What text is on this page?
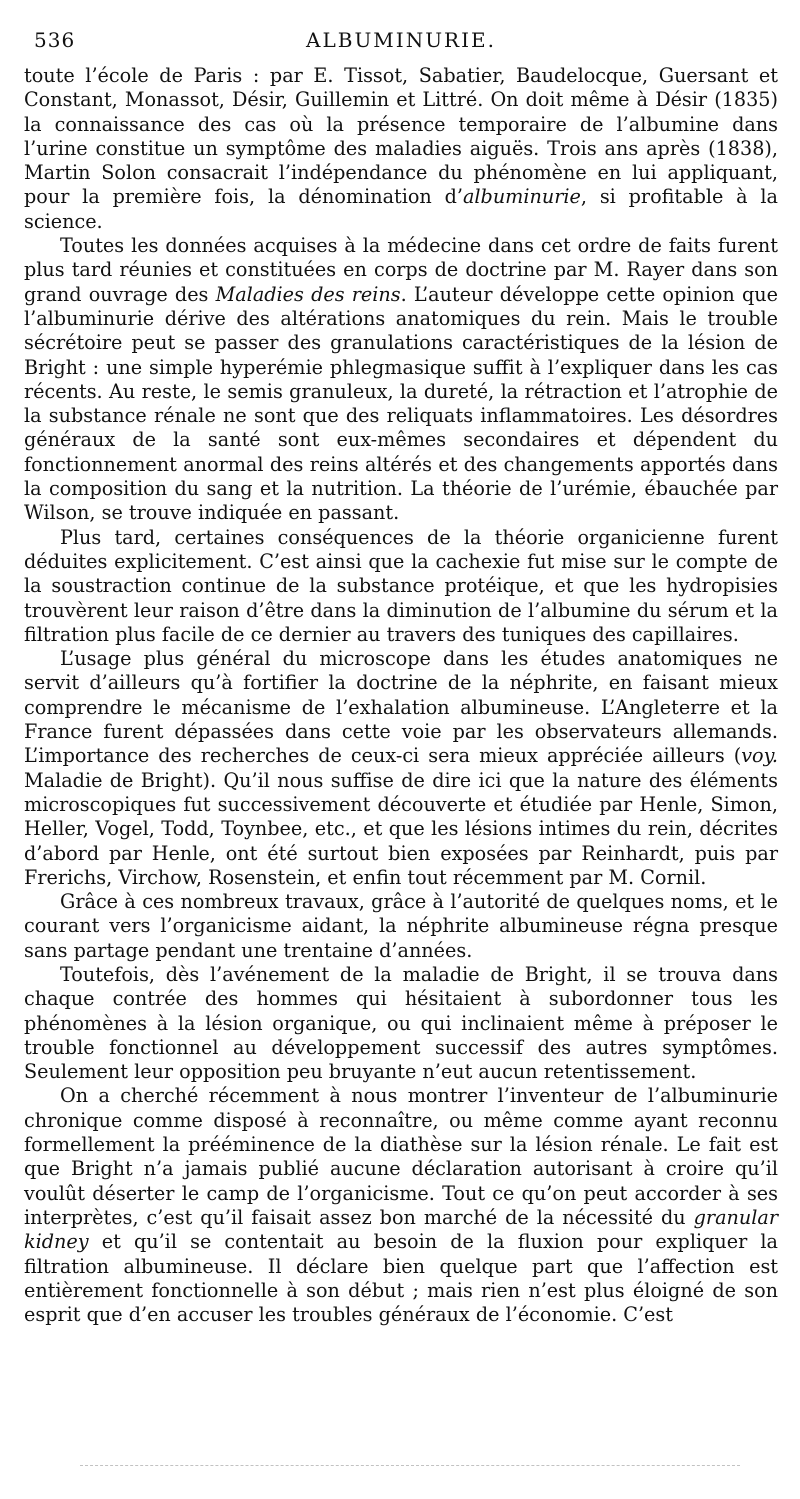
536	ALBUMINURIE.

toute l’école de Paris : par E. Tissot, Sabatier, Baudelocque, Guersant et Constant, Monassot, Désir, Guillemin et Littré. On doit même à Désir (1835) la connaissance des cas où la présence temporaire de l’albumine dans l’urine constitue un symptôme des maladies aiguës. Trois ans après (1838), Martin Solon consacrait l’indépendance du phénomène en lui appliquant, pour la première fois, la dénomination d’albuminurie, si profitable à la science.

Toutes les données acquises à la médecine dans cet ordre de faits furent plus tard réunies et constituées en corps de doctrine par M. Rayer dans son grand ouvrage des Maladies des reins. L’auteur développe cette opinion que l’albuminurie dérive des altérations anatomiques du rein. Mais le trouble sécrétoire peut se passer des granulations caractéristiques de la lésion de Bright : une simple hyperémie phlegmasique suffit à l’expliquer dans les cas récents. Au reste, le semis granuleux, la dureté, la rétraction et l’atrophie de la substance rénale ne sont que des reliquats inflammatoires. Les désordres généraux de la santé sont eux-mêmes secondaires et dépendent du fonctionnement anormal des reins altérés et des changements apportés dans la composition du sang et la nutrition. La théorie de l’urémie, ébauchée par Wilson, se trouve indiquée en passant.

Plus tard, certaines conséquences de la théorie organicienne furent déduites explicitement. C’est ainsi que la cachexie fut mise sur le compte de la soustraction continue de la substance protéique, et que les hydropisies trouvèrent leur raison d’être dans la diminution de l’albumine du sérum et la filtration plus facile de ce dernier au travers des tuniques des capillaires.

L’usage plus général du microscope dans les études anatomiques ne servit d’ailleurs qu’à fortifier la doctrine de la néphrite, en faisant mieux comprendre le mécanisme de l’exhalation albumineuse. L’Angleterre et la France furent dépassées dans cette voie par les observateurs allemands. L’importance des recherches de ceux-ci sera mieux appréciée ailleurs (voy. Maladie de Bright). Qu’il nous suffise de dire ici que la nature des éléments microscopiques fut successivement découverte et étudiée par Henle, Simon, Heller, Vogel, Todd, Toynbee, etc., et que les lésions intimes du rein, décrites d’abord par Henle, ont été surtout bien exposées par Reinhardt, puis par Frerichs, Virchow, Rosenstein, et enfin tout récemment par M. Cornil.

Grâce à ces nombreux travaux, grâce à l’autorité de quelques noms, et le courant vers l’organicisme aidant, la néphrite albumineuse régna presque sans partage pendant une trentaine d’années.

Toutefois, dès l’avénement de la maladie de Bright, il se trouva dans chaque contrée des hommes qui hésitaient à subordonner tous les phénomènes à la lésion organique, ou qui inclinaient même à préposer le trouble fonctionnel au développement successif des autres symptômes. Seulement leur opposition peu bruyante n’eut aucun retentissement.

On a cherché récemment à nous montrer l’inventeur de l’albuminurie chronique comme disposé à reconnaître, ou même comme ayant reconnu formellement la prééminence de la diathèse sur la lésion rénale. Le fait est que Bright n’a jamais publié aucune déclaration autorisant à croire qu’il voulût déserter le camp de l’organicisme. Tout ce qu’on peut accorder à ses interprètes, c’est qu’il faisait assez bon marché de la nécessité du granular kidney et qu’il se contentait au besoin de la fluxion pour expliquer la filtration albumineuse. Il déclare bien quelque part que l’affection est entièrement fonctionnelle à son début ; mais rien n’est plus éloigné de son esprit que d’en accuser les troubles généraux de l’économie. C’est
